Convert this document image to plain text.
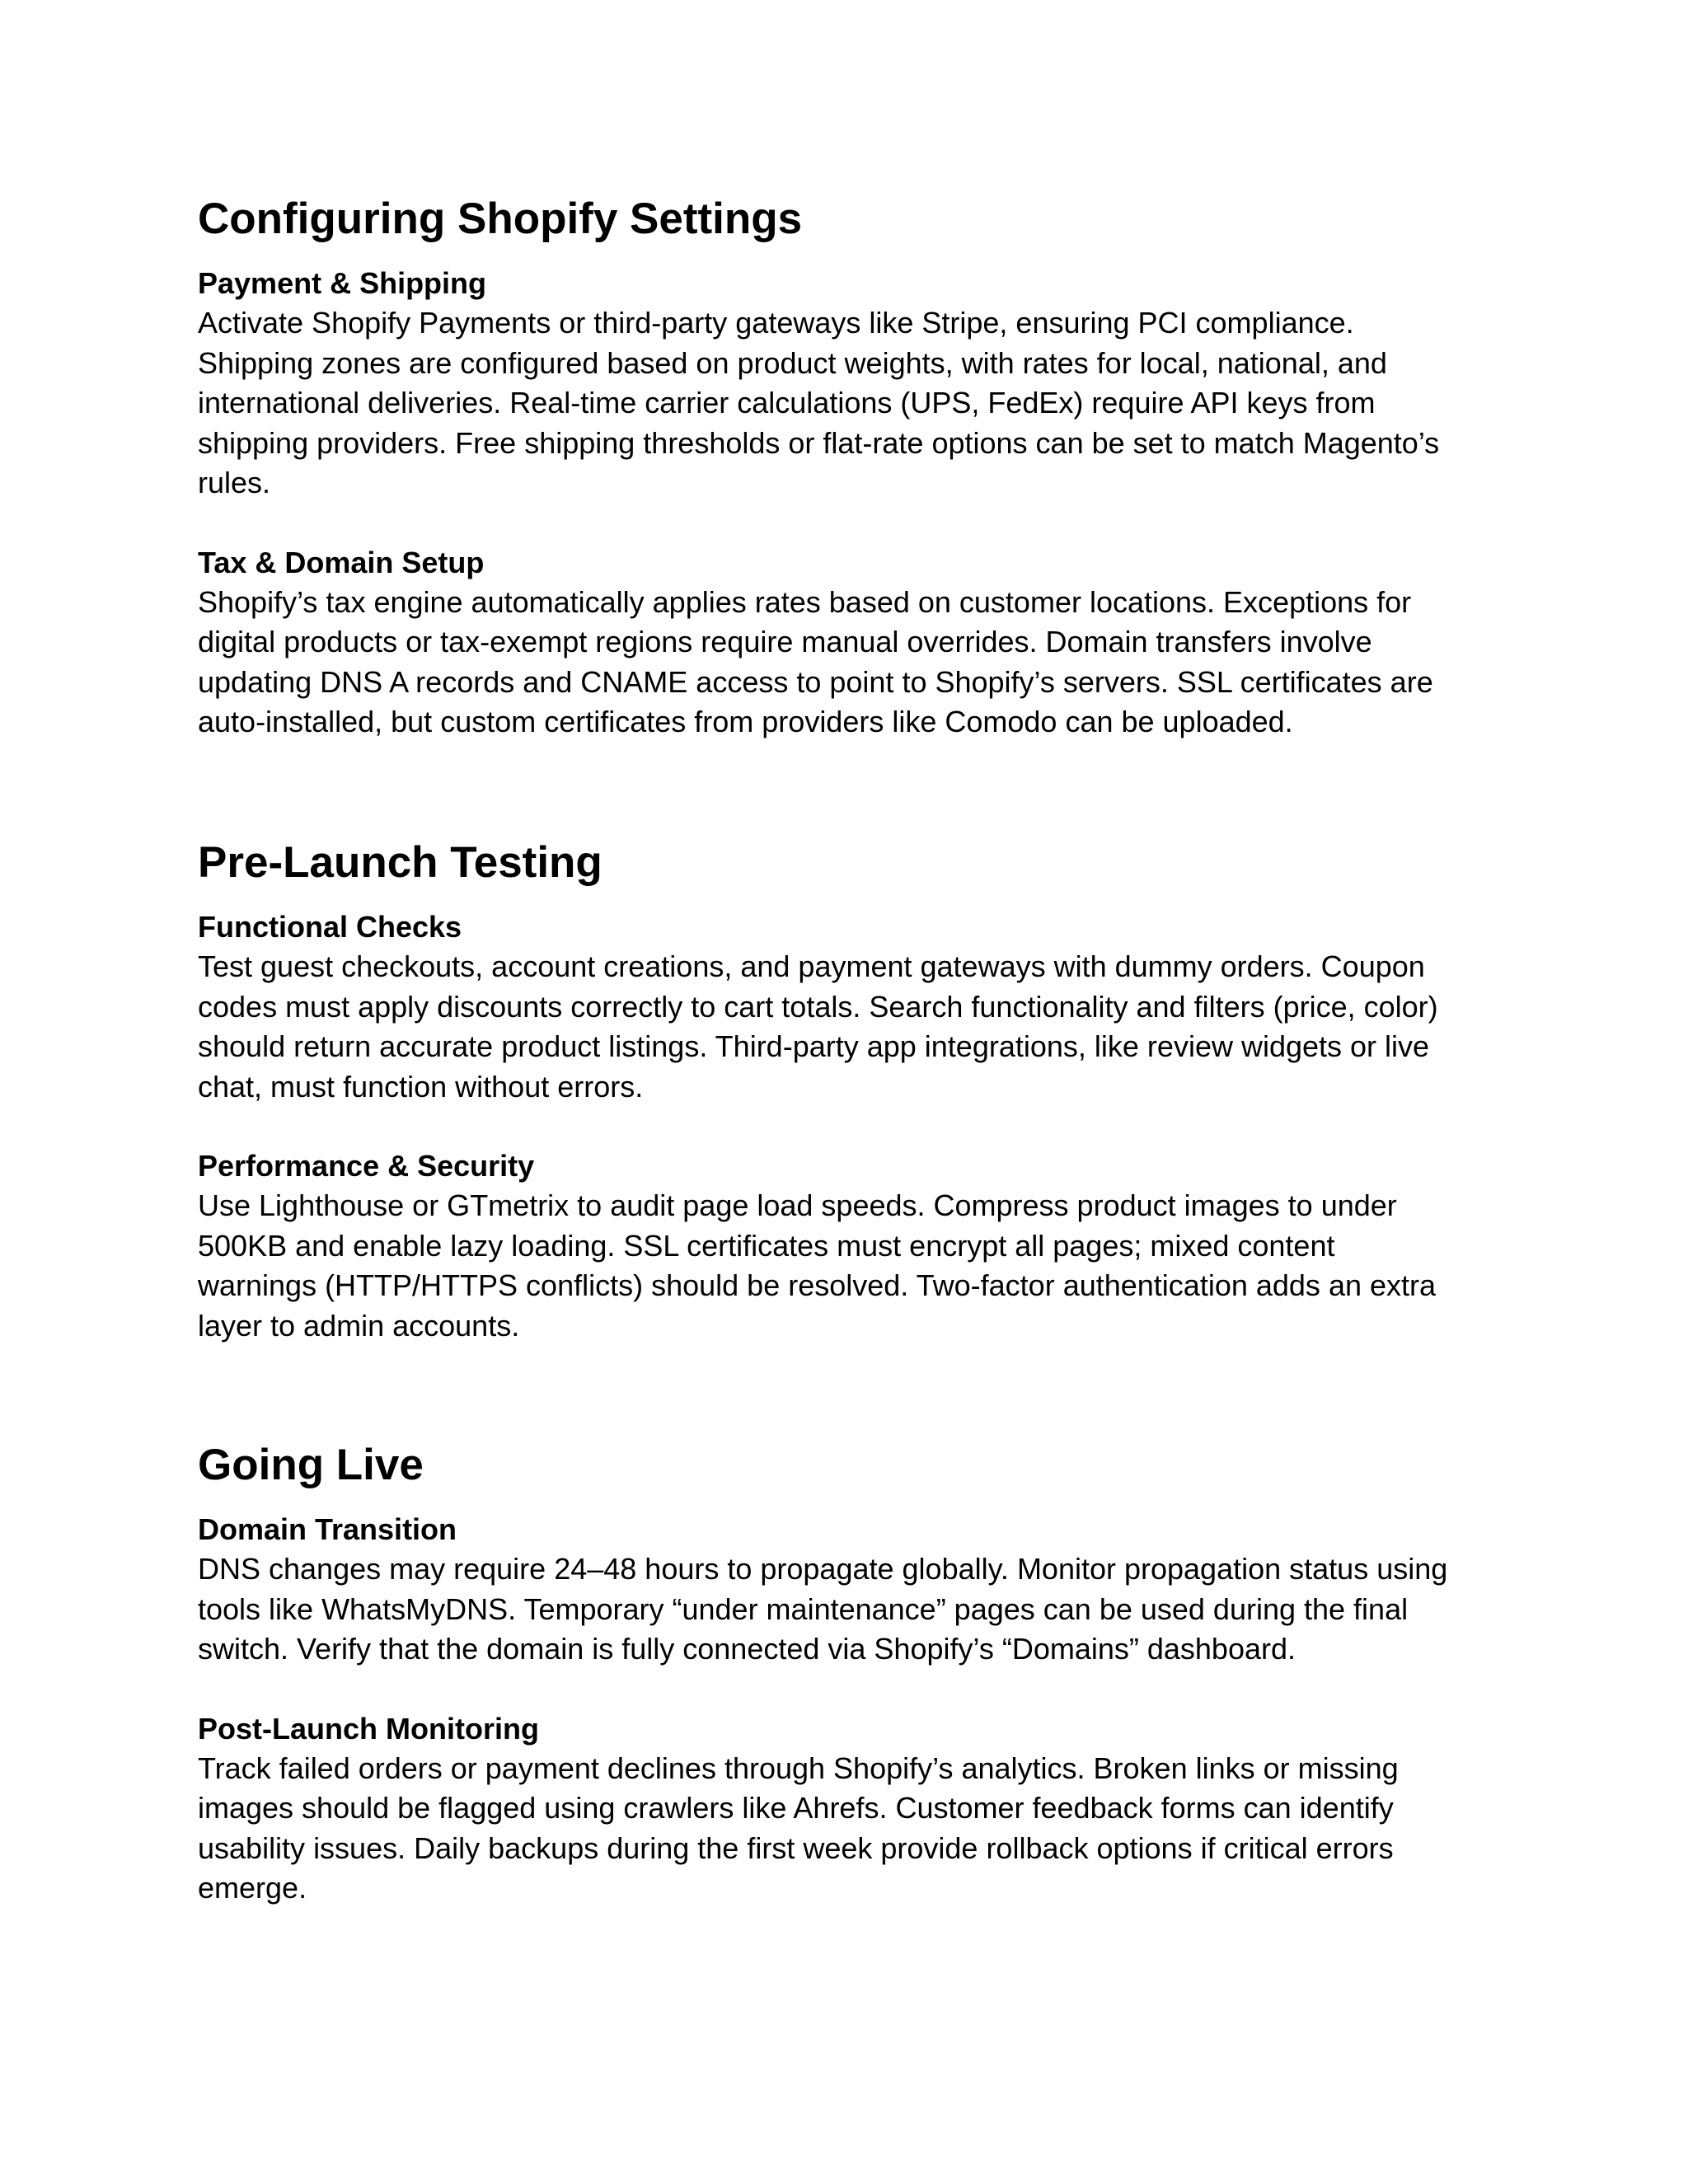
Configuring Shopify Settings
Payment & Shipping

Activate Shopify Payments or third-party gateways like Stripe, ensuring PCI compliance.
Shipping zones are configured based on product weights, with rates for local, national, and
international deliveries. Real-time carrier calculations (UPS, FedEx) require API keys from
shipping providers. Free shipping thresholds or flat-rate options can be set to match Magento’s
rules.

Tax & Domain Setup

Shopify’s tax engine automatically applies rates based on customer locations. Exceptions for
digital products or tax-exempt regions require manual overrides. Domain transfers involve
updating DNS A records and CNAME access to point to Shopify’s servers. SSL certificates are
auto-installed, but custom certificates from providers like Comodo can be uploaded.

Pre-Launch Testing
Functional Checks

Test guest checkouts, account creations, and payment gateways with dummy orders. Coupon
codes must apply discounts correctly to cart totals. Search functionality and filters (price, color)
should return accurate product listings. Third-party app integrations, like review widgets or live
chat, must function without errors.

Performance & Security

Use Lighthouse or GTmetrix to audit page load speeds. Compress product images to under
500KB and enable lazy loading. SSL certificates must encrypt all pages; mixed content
warnings (HTTP/HTTPS conflicts) should be resolved. Two-factor authentication adds an extra
layer to admin accounts.

Going Live
Domain Transition

DNS changes may require 24–48 hours to propagate globally. Monitor propagation status using
tools like WhatsMyDNS. Temporary “under maintenance” pages can be used during the final
switch. Verify that the domain is fully connected via Shopify’s “Domains” dashboard.

Post-Launch Monitoring

Track failed orders or payment declines through Shopify’s analytics. Broken links or missing
images should be flagged using crawlers like Ahrefs. Customer feedback forms can identify
usability issues. Daily backups during the first week provide rollback options if critical errors
emerge.
